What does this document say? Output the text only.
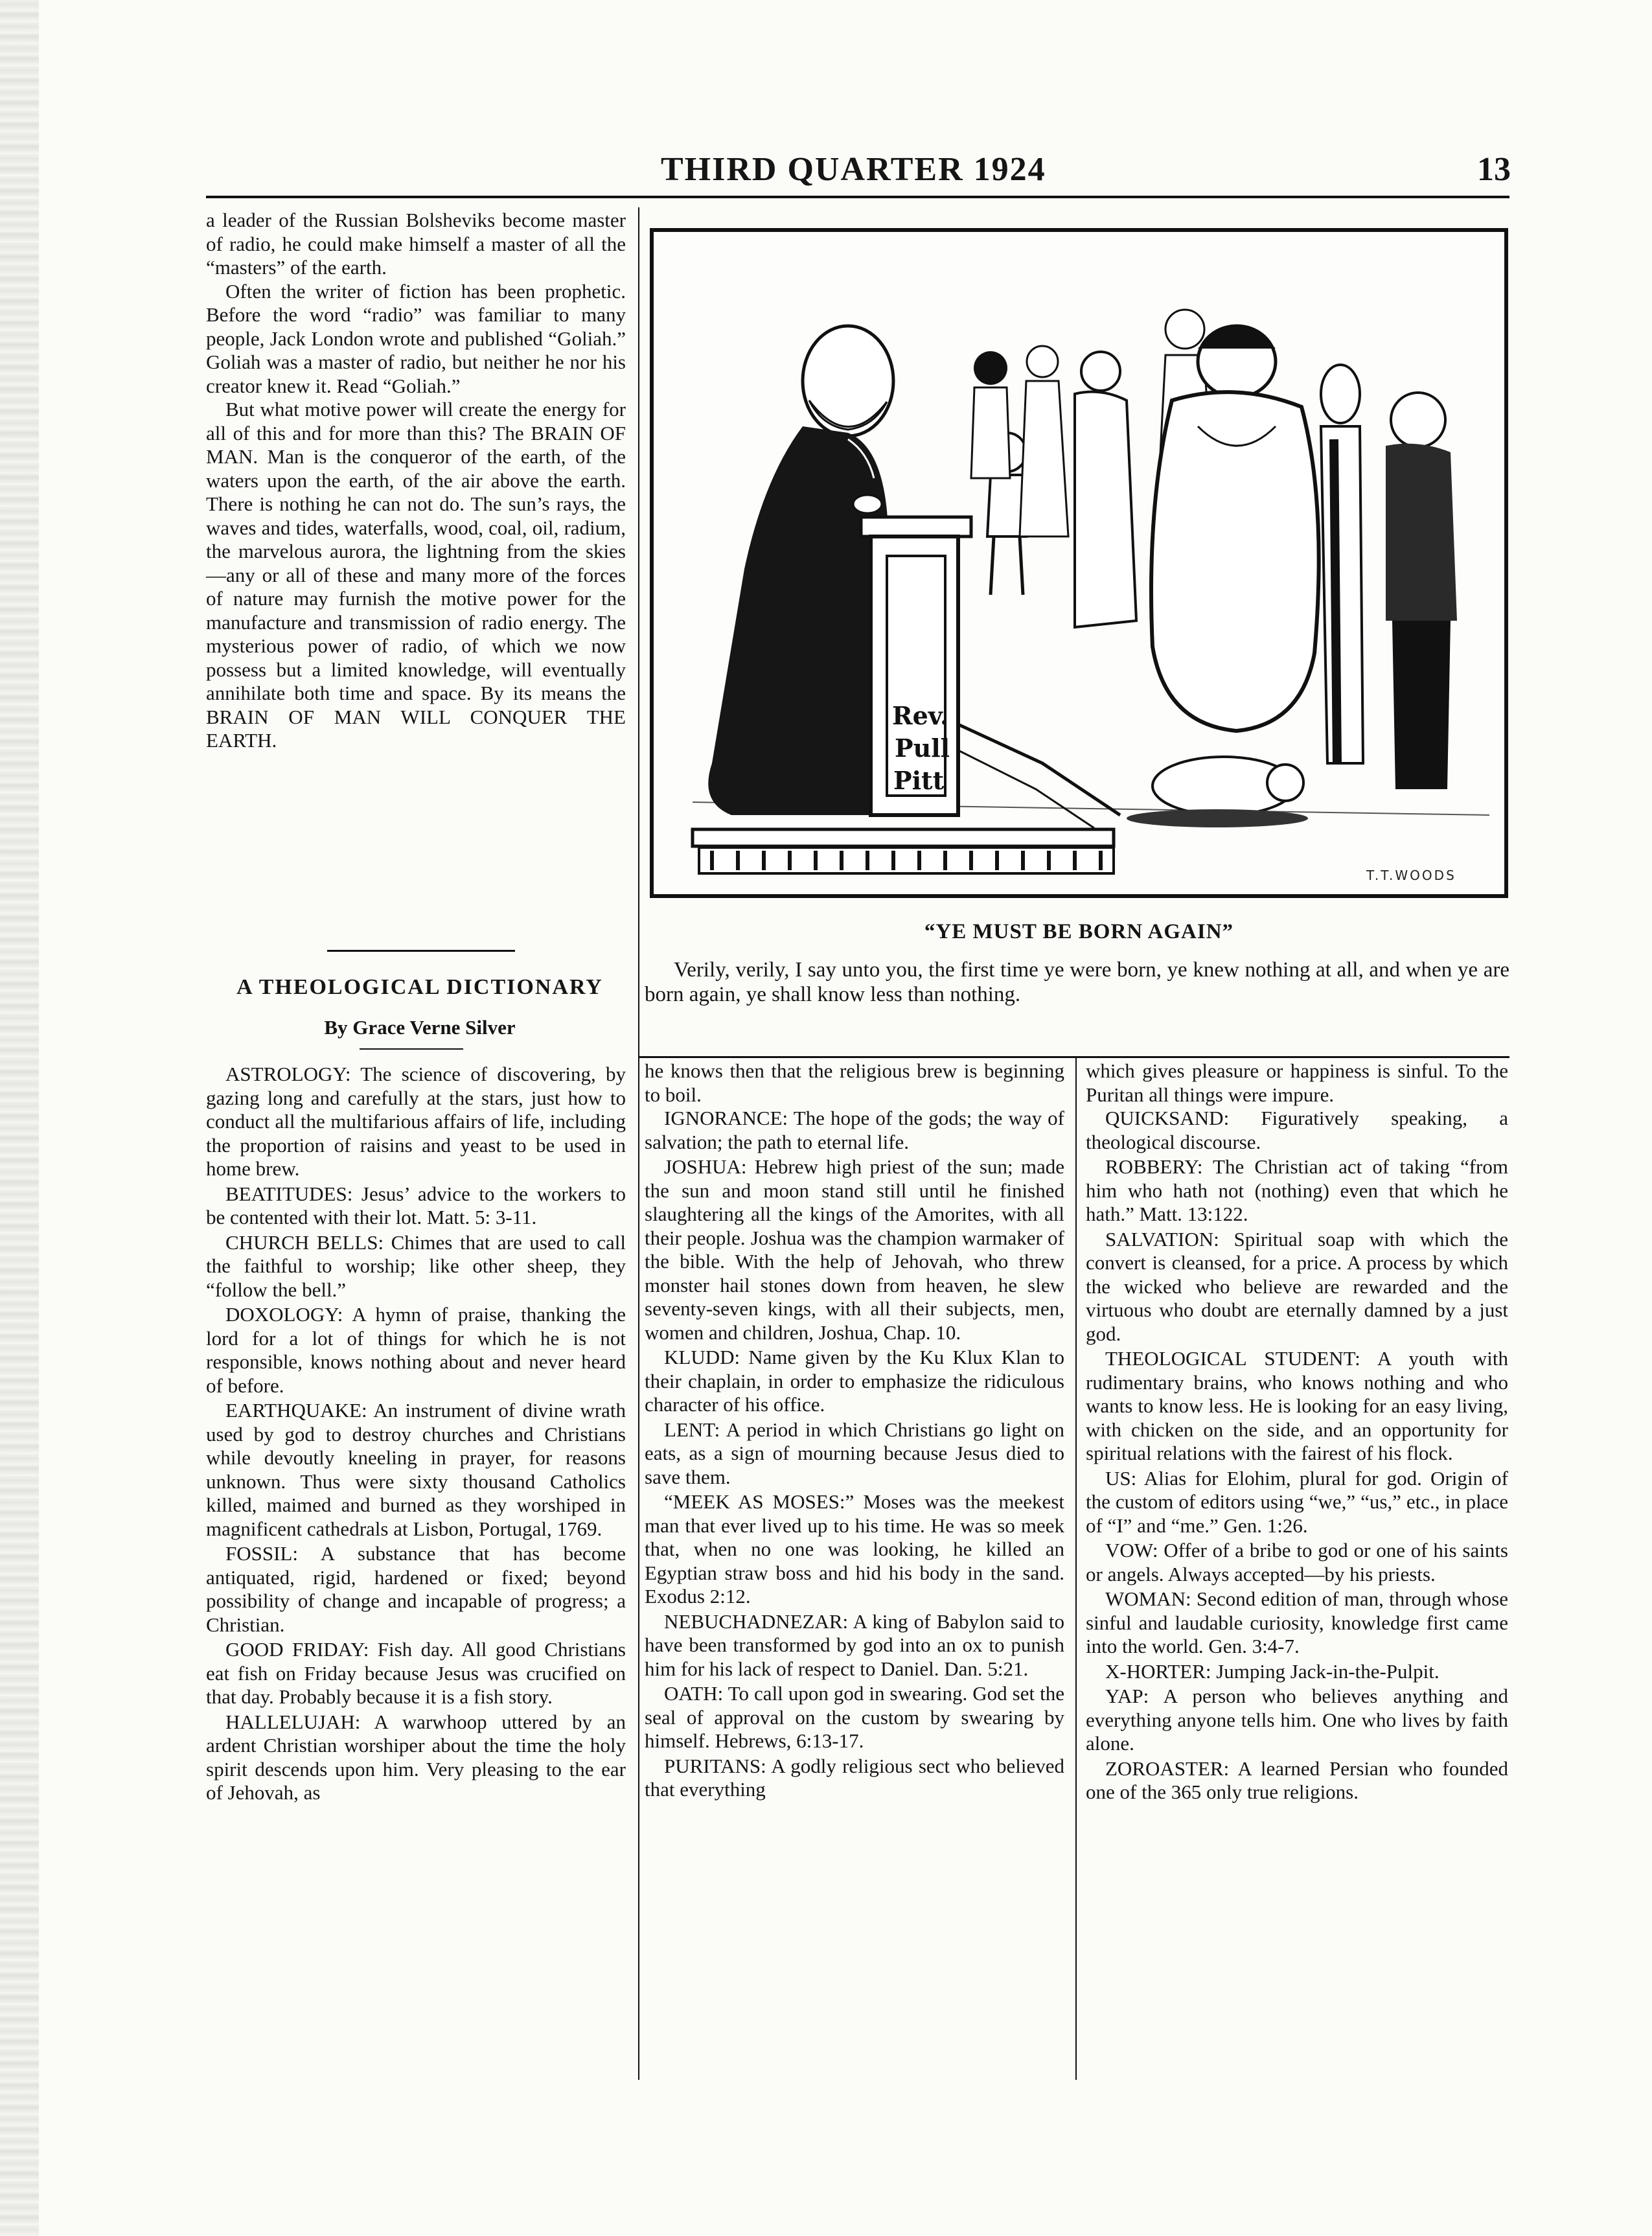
THIRD QUARTER 1924	13

a leader of the Russian Bolsheviks become master of radio, he could make himself a master of all the “masters” of the earth.

Often the writer of fiction has been prophetic. Before the word “radio” was familiar to many people, Jack London wrote and published “Goliah.” Goliah was a master of radio, but neither he nor his creator knew it. Read “Goliah.”

But what motive power will create the energy for all of this and for more than this? The BRAIN OF MAN. Man is the conqueror of the earth, of the waters upon the earth, of the air above the earth. There is nothing he can not do. The sun’s rays, the waves and tides, waterfalls, wood, coal, oil, radium, the marvelous aurora, the lightning from the skies—any or all of these and many more of the forces of nature may furnish the motive power for the manufacture and transmission of radio energy. The mysterious power of radio, of which we now possess but a limited knowledge, will eventually annihilate both time and space. By its means the BRAIN OF MAN WILL CONQUER THE EARTH.

Rev.
Pull
Pitt
T.T.WOODS
“YE MUST BE BORN AGAIN”
Verily, verily, I say unto you, the first time ye were born, ye knew nothing at all, and when ye are born again, ye shall know less than nothing.
A THEOLOGICAL DICTIONARY
By Grace Verne Silver

ASTROLOGY: The science of discovering, by gazing long and carefully at the stars, just how to conduct all the multifarious affairs of life, including the proportion of raisins and yeast to be used in home brew.

BEATITUDES: Jesus’ advice to the workers to be contented with their lot. Matt. 5: 3-11.

CHURCH BELLS: Chimes that are used to call the faithful to worship; like other sheep, they “follow the bell.”

DOXOLOGY: A hymn of praise, thanking the lord for a lot of things for which he is not responsible, knows nothing about and never heard of before.

EARTHQUAKE: An instrument of divine wrath used by god to destroy churches and Christians while devoutly kneeling in prayer, for reasons unknown. Thus were sixty thousand Catholics killed, maimed and burned as they worshiped in magnificent cathedrals at Lisbon, Portugal, 1769.

FOSSIL: A substance that has become antiquated, rigid, hardened or fixed; beyond possibility of change and incapable of progress; a Christian.

GOOD FRIDAY: Fish day. All good Christians eat fish on Friday because Jesus was crucified on that day. Probably because it is a fish story.

HALLELUJAH: A warwhoop uttered by an ardent Christian worshiper about the time the holy spirit descends upon him. Very pleasing to the ear of Jehovah, as

he knows then that the religious brew is beginning to boil.

IGNORANCE: The hope of the gods; the way of salvation; the path to eternal life.

JOSHUA: Hebrew high priest of the sun; made the sun and moon stand still until he finished slaughtering all the kings of the Amorites, with all their people. Joshua was the champion warmaker of the bible. With the help of Jehovah, who threw monster hail stones down from heaven, he slew seventy-seven kings, with all their subjects, men, women and children, Joshua, Chap. 10.

KLUDD: Name given by the Ku Klux Klan to their chaplain, in order to emphasize the ridiculous character of his office.

LENT: A period in which Christians go light on eats, as a sign of mourning because Jesus died to save them.

“MEEK AS MOSES:” Moses was the meekest man that ever lived up to his time. He was so meek that, when no one was looking, he killed an Egyptian straw boss and hid his body in the sand. Exodus 2:12.

NEBUCHADNEZAR: A king of Babylon said to have been transformed by god into an ox to punish him for his lack of respect to Daniel. Dan. 5:21.

OATH: To call upon god in swearing. God set the seal of approval on the custom by swearing by himself. Hebrews, 6:13-17.

PURITANS: A godly religious sect who believed that everything

which gives pleasure or happiness is sinful. To the Puritan all things were impure.

QUICKSAND: Figuratively speaking, a theological discourse.

ROBBERY: The Christian act of taking “from him who hath not (nothing) even that which he hath.” Matt. 13:122.

SALVATION: Spiritual soap with which the convert is cleansed, for a price. A process by which the wicked who believe are rewarded and the virtuous who doubt are eternally damned by a just god.

THEOLOGICAL STUDENT: A youth with rudimentary brains, who knows nothing and who wants to know less. He is looking for an easy living, with chicken on the side, and an opportunity for spiritual relations with the fairest of his flock.

US: Alias for Elohim, plural for god. Origin of the custom of editors using “we,” “us,” etc., in place of “I” and “me.” Gen. 1:26.

VOW: Offer of a bribe to god or one of his saints or angels. Always accepted—by his priests.

WOMAN: Second edition of man, through whose sinful and laudable curiosity, knowledge first came into the world. Gen. 3:4-7.

X-HORTER: Jumping Jack-in-the-Pulpit.

YAP: A person who believes anything and everything anyone tells him. One who lives by faith alone.

ZOROASTER: A learned Persian who founded one of the 365 only true religions.
